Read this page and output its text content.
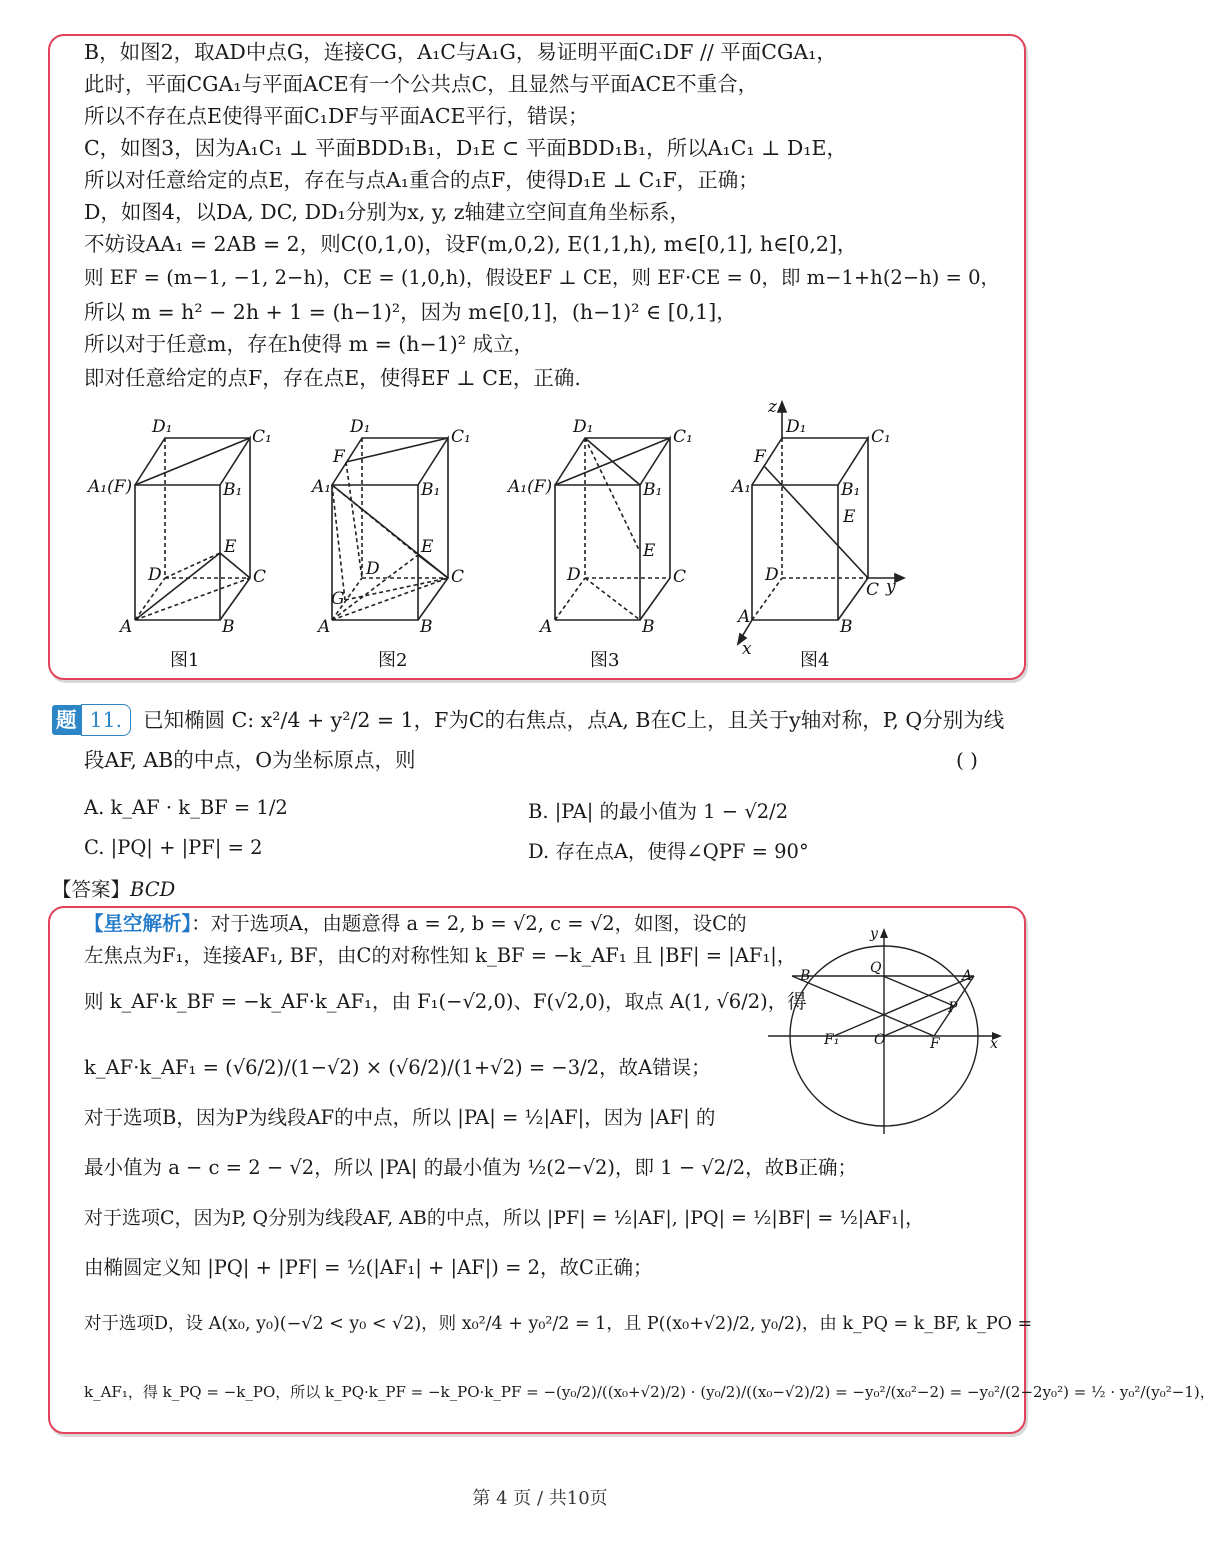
B，如图2，取AD中点G，连接CG，A₁C与A₁G，易证明平面C₁DF // 平面CGA₁，
此时，平面CGA₁与平面ACE有一个公共点C，且显然与平面ACE不重合，
所以不存在点E使得平面C₁DF与平面ACE平行，错误；
C，如图3，因为A₁C₁ ⊥ 平面BDD₁B₁，D₁E ⊂ 平面BDD₁B₁，所以A₁C₁ ⊥ D₁E，
所以对任意给定的点E，存在与点A₁重合的点F，使得D₁E ⊥ C₁F，正确；
D，如图4，以DA, DC, DD₁分别为x, y, z轴建立空间直角坐标系，
不妨设AA₁ = 2AB = 2，则C(0,1,0)，设F(m,0,2), E(1,1,h), m∈[0,1], h∈[0,2]，
则 EF = (m−1, −1, 2−h)，CE = (1,0,h)，假设EF ⊥ CE，则 EF·CE = 0，即 m−1+h(2−h) = 0，
所以 m = h² − 2h + 1 = (h−1)²，因为 m∈[0,1]，(h−1)² ∈ [0,1]，
所以对于任意m，存在h使得 m = (h−1)² 成立，
即对任意给定的点F，存在点E，使得EF ⊥ CE，正确.
D₁	C₁
A₁(F)	B₁
E
D	C
A	B
D₁	C₁
F
A₁	B₁
E
D	C
G
A	B
D₁	C₁
A₁(F)	B₁
E
D	C
A	B
z
D₁	C₁
F
A₁	B₁
E
D
C y
A	B
x
图1	图2	图3	图4
题 11. 已知椭圆 C: x²/4 + y²/2 = 1，F为C的右焦点，点A, B在C上，且关于y轴对称，P, Q分别为线
段AF, AB的中点，O为坐标原点，则	( )
A. k_AF · k_BF = 1/2	B. |PA| 的最小值为 1 − √2/2
C. |PQ| + |PF| = 2	D. 存在点A，使得∠QPF = 90°
【答案】BCD
【星空解析】：对于选项A，由题意得 a = 2, b = √2, c = √2，如图，设C的
左焦点为F₁，连接AF₁, BF，由C的对称性知 k_BF = −k_AF₁ 且 |BF| = |AF₁|，
则 k_AF·k_BF = −k_AF·k_AF₁，由 F₁(−√2,0)、F(√2,0)，取点 A(1, √6/2)，得
k_AF·k_AF₁ = (√6/2)/(1−√2) × (√6/2)/(1+√2) = −3/2，故A错误；
对于选项B，因为P为线段AF的中点，所以 |PA| = ½|AF|，因为 |AF| 的
最小值为 a − c = 2 − √2，所以 |PA| 的最小值为 ½(2−√2)，即 1 − √2/2，故B正确；
对于选项C，因为P, Q分别为线段AF, AB的中点，所以 |PF| = ½|AF|, |PQ| = ½|BF| = ½|AF₁|，
由椭圆定义知 |PQ| + |PF| = ½(|AF₁| + |AF|) = 2，故C正确；
对于选项D，设 A(x₀, y₀)(−√2 < y₀ < √2)，则 x₀²/4 + y₀²/2 = 1，且 P((x₀+√2)/2, y₀/2)，由 k_PQ = k_BF, k_PO =
k_AF₁，得 k_PQ = −k_PO，所以 k_PQ·k_PF = −k_PO·k_PF = −(y₀/2)/((x₀+√2)/2) · (y₀/2)/((x₀−√2)/2) = −y₀²/(x₀²−2) = −y₀²/(2−2y₀²) = ½ · y₀²/(y₀²−1)，
y
B	Q	A
P
F₁ O	F	x
第 4 页 / 共10页
